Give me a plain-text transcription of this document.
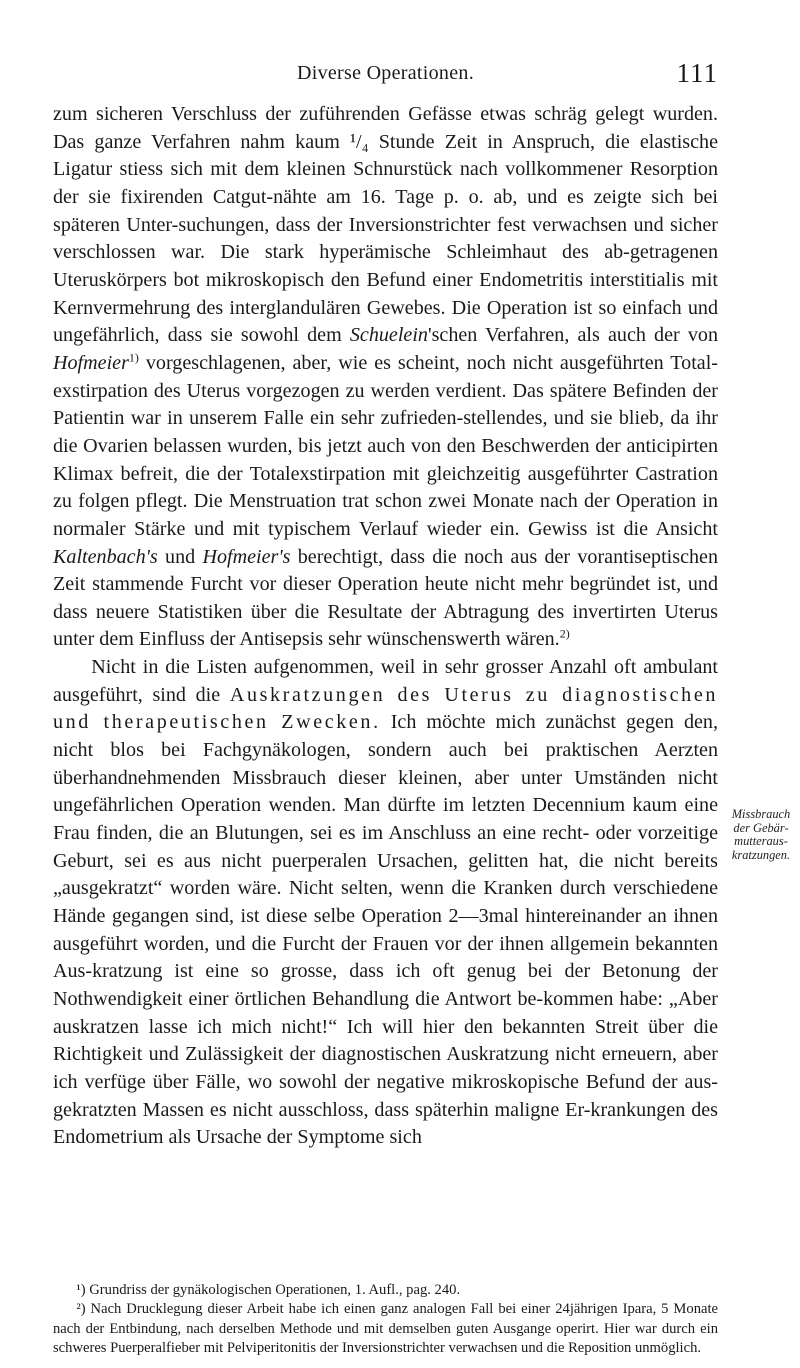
Diverse Operationen.	111

zum sicheren Verschluss der zuführenden Gefässe etwas schräg gelegt wurden. Das ganze Verfahren nahm kaum ¹/₄ Stunde Zeit in Anspruch, die elastische Ligatur stiess sich mit dem kleinen Schnurstück nach vollkommener Resorption der sie fixirenden Catgut-nähte am 16. Tage p. o. ab, und es zeigte sich bei späteren Unter-suchungen, dass der Inversionstrichter fest verwachsen und sicher verschlossen war. Die stark hyperämische Schleimhaut des ab-getragenen Uteruskörpers bot mikroskopisch den Befund einer Endometritis interstitialis mit Kernvermehrung des interglandulären Gewebes. Die Operation ist so einfach und ungefährlich, dass sie sowohl dem Schuelein'schen Verfahren, als auch der von Hofmeier$^{1)}$ vorgeschlagenen, aber, wie es scheint, noch nicht ausgeführten Total-exstirpation des Uterus vorgezogen zu werden verdient. Das spätere Befinden der Patientin war in unserem Falle ein sehr zufrieden-stellendes, und sie blieb, da ihr die Ovarien belassen wurden, bis jetzt auch von den Beschwerden der anticipirten Klimax befreit, die der Totalexstirpation mit gleichzeitig ausgeführter Castration zu folgen pflegt. Die Menstruation trat schon zwei Monate nach der Operation in normaler Stärke und mit typischem Verlauf wieder ein. Gewiss ist die Ansicht Kaltenbach's und Hofmeier's berechtigt, dass die noch aus der vorantiseptischen Zeit stammende Furcht vor dieser Operation heute nicht mehr begründet ist, und dass neuere Statistiken über die Resultate der Abtragung des invertirten Uterus unter dem Einfluss der Antisepsis sehr wünschenswerth wären.$^{2)}$

Nicht in die Listen aufgenommen, weil in sehr grosser Anzahl oft ambulant ausgeführt, sind die Auskratzungen des Uterus zu diagnostischen und therapeutischen Zwecken. Ich möchte mich zunächst gegen den, nicht blos bei Fachgynäkologen, sondern auch bei praktischen Aerzten überhandnehmenden Missbrauch dieser kleinen, aber unter Umständen nicht ungefährlichen Operation wenden. Man dürfte im letzten Decennium kaum eine Frau finden, die an Blutungen, sei es im Anschluss an eine recht- oder vorzeitige Geburt, sei es aus nicht puerperalen Ursachen, gelitten hat, die nicht bereits „ausgekratzt“ worden wäre. Nicht selten, wenn die Kranken durch verschiedene Hände gegangen sind, ist diese selbe Operation 2—3mal hintereinander an ihnen ausgeführt worden, und die Furcht der Frauen vor der ihnen allgemein bekannten Aus-kratzung ist eine so grosse, dass ich oft genug bei der Betonung der Nothwendigkeit einer örtlichen Behandlung die Antwort be-kommen habe: „Aber auskratzen lasse ich mich nicht!“ Ich will hier den bekannten Streit über die Richtigkeit und Zulässigkeit der diagnostischen Auskratzung nicht erneuern, aber ich verfüge über Fälle, wo sowohl der negative mikroskopische Befund der aus-gekratzten Massen es nicht ausschloss, dass späterhin maligne Er-krankungen des Endometrium als Ursache der Symptome sich

Missbrauch
der Gebär-
mutteraus-
kratzungen.

¹) Grundriss der gynäkologischen Operationen, 1. Aufl., pag. 240.

²) Nach Drucklegung dieser Arbeit habe ich einen ganz analogen Fall bei einer 24jährigen Ipara, 5 Monate nach der Entbindung, nach derselben Methode und mit demselben guten Ausgange operirt. Hier war durch ein schweres Puerperalfieber mit Pelviperitonitis der Inversionstrichter verwachsen und die Reposition unmöglich.
